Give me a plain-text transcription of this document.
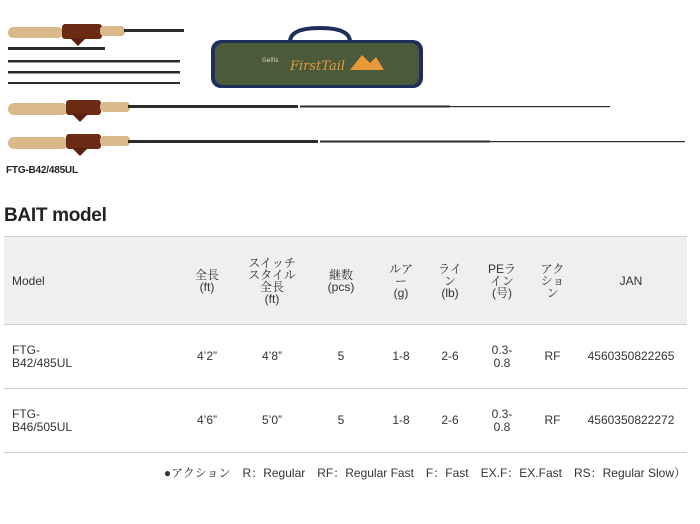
FirstTail
Gellis
FTG-B42/485UL
BAIT model
Model	全長
(ft)	スイッチ
スタイル
全長
(ft)	継数
(pcs)	ルア
ー
(g)	ライ
ン
(lb)	PEラ
イン
(号)	アク
ショ
ン	JAN

FTG-
B42/485UL	4’2”	4’8”	5	1-8	2-6	0.3-
0.8	RF	4560350822265

FTG-
B46/505UL	4’6”	5’0”	5	1-8	2-6	0.3-
0.8	RF	4560350822272
●アクション　R：Regular　RF：Regular Fast　F：Fast　EX.F：EX.Fast　RS：Regular Slow）
